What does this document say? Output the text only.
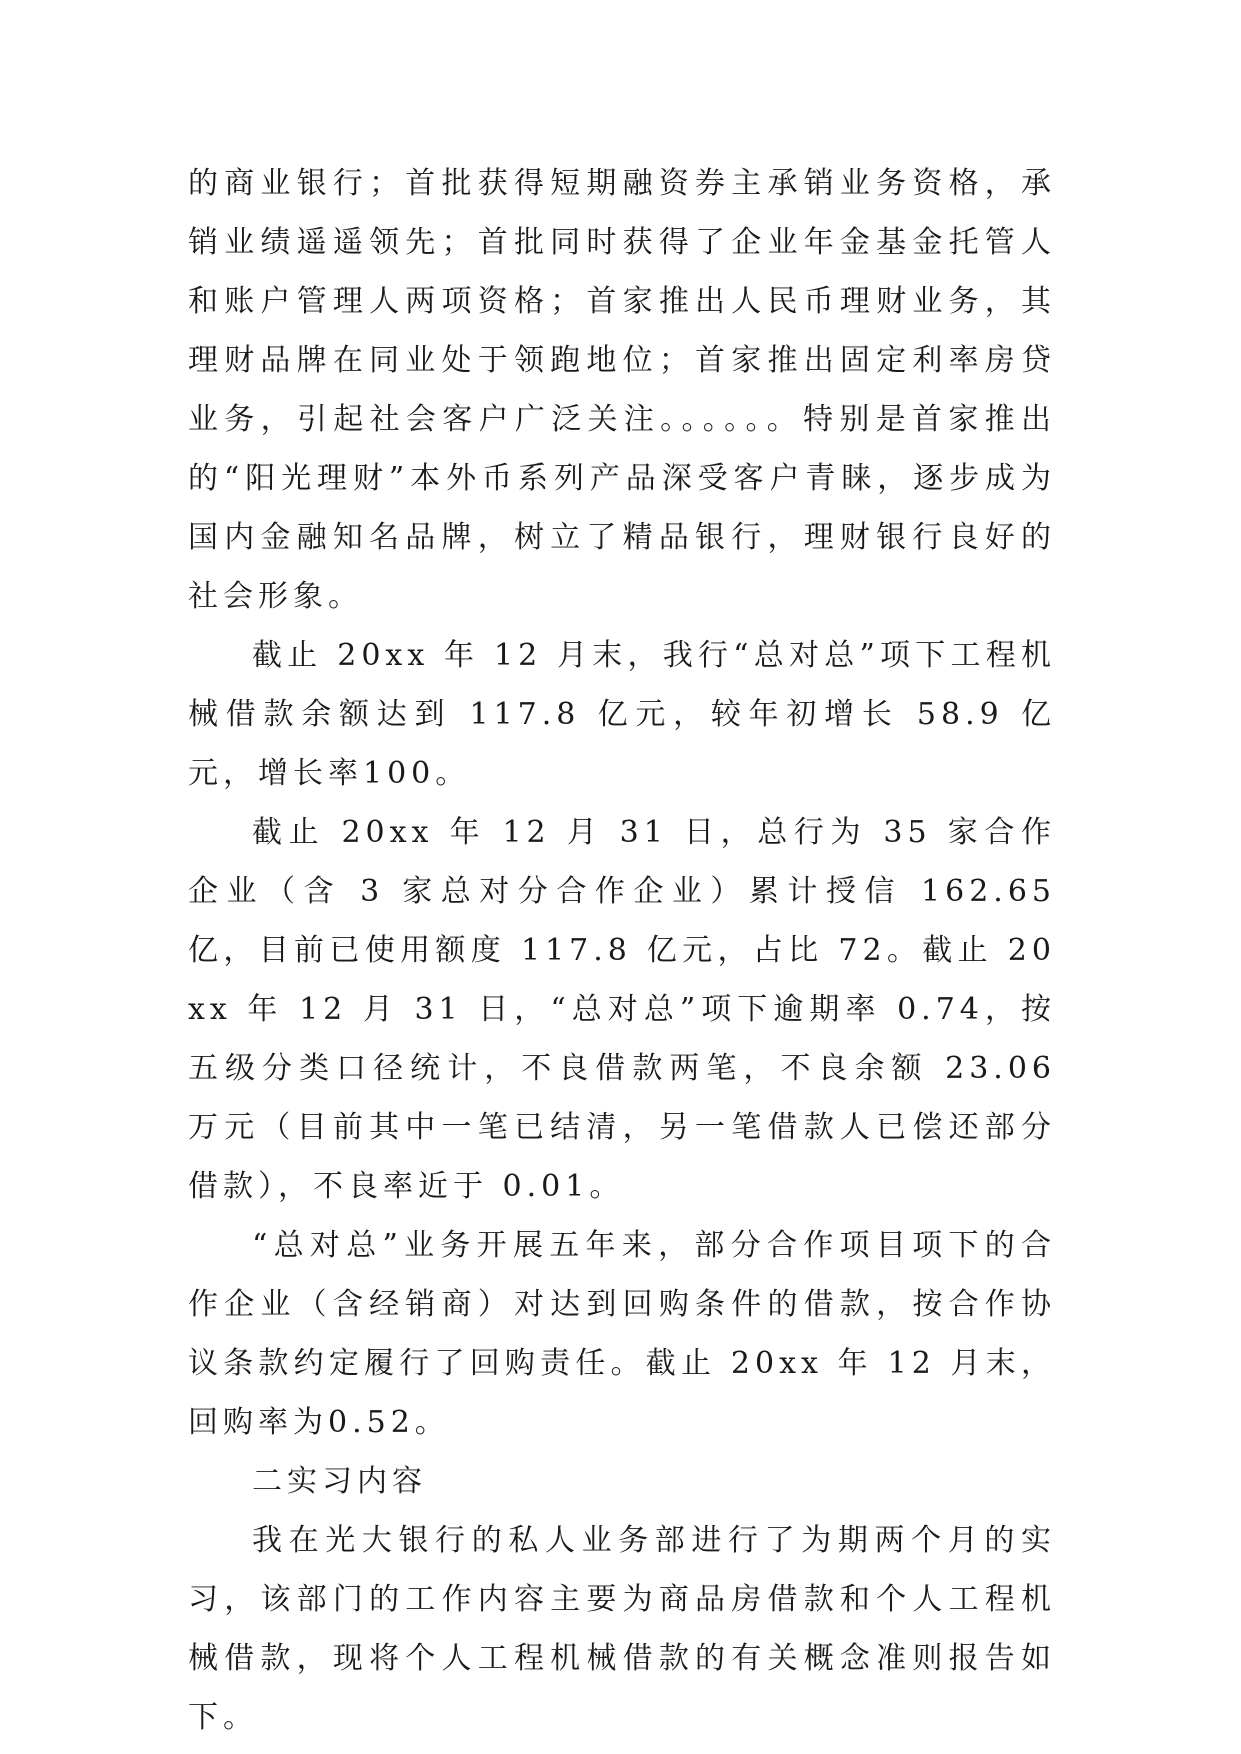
的商业银行；首批获得短期融资券主承销业务资格，承销业绩遥遥领先；首批同时获得了企业年金基金托管人和账户管理人两项资格；首家推出人民币理财业务，其理财品牌在同业处于领跑地位；首家推出固定利率房贷业务，引起社会客户广泛关注。。。。。。特别是首家推出的“阳光理财”本外币系列产品深受客户青睐，逐步成为国内金融知名品牌，树立了精品银行，理财银行良好的社会形象。

截止 20xx 年 12 月末，我行“总对总”项下工程机械借款余额达到 117.8 亿元，较年初增长 58.9 亿元，增长率100。

截止 20xx 年 12 月 31 日，总行为 35 家合作企业（含 3 家总对分合作企业）累计授信 162.65 亿，目前已使用额度 117.8 亿元，占比 72。截止 20xx 年 12 月 31 日，“总对总”项下逾期率 0.74，按五级分类口径统计，不良借款两笔，不良余额 23.06 万元（目前其中一笔已结清，另一笔借款人已偿还部分借款），不良率近于 0.01。

“总对总”业务开展五年来，部分合作项目项下的合作企业（含经销商）对达到回购条件的借款，按合作协议条款约定履行了回购责任。截止 20xx 年 12 月末，回购率为0.52。

二实习内容

我在光大银行的私人业务部进行了为期两个月的实习，该部门的工作内容主要为商品房借款和个人工程机械借款，现将个人工程机械借款的有关概念准则报告如下。
